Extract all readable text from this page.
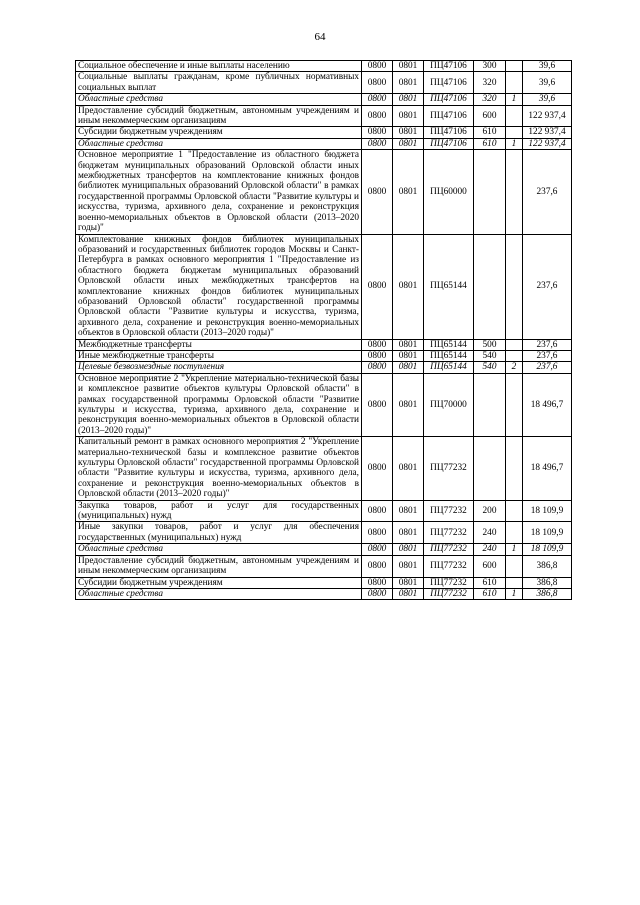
64
Социальное обеспечение и иные выплаты населению	0800	0801	ПЦ47106	300		39,6
Социальные выплаты гражданам, кроме публичных нормативных социальных выплат	0800	0801	ПЦ47106	320		39,6
Областные средства	0800	0801	ПЦ47106	320	1	39,6
Предоставление субсидий бюджетным, автономным учреждениям и иным некоммерческим организациям	0800	0801	ПЦ47106	600		122 937,4
Субсидии бюджетным учреждениям	0800	0801	ПЦ47106	610		122 937,4
Областные средства	0800	0801	ПЦ47106	610	1	122 937,4
Основное мероприятие 1 "Предоставление из областного бюджета бюджетам муниципальных образований Орловской области иных межбюджетных трансфертов на комплектование книжных фондов библиотек муниципальных образований Орловской области" в рамках государственной программы Орловской области "Развитие культуры и искусства, туризма, архивного дела, сохранение и реконструкция военно-мемориальных объектов в Орловской области (2013–2020 годы)"	0800	0801	ПЦ60000			237,6
Комплектование книжных фондов библиотек муниципальных образований и государственных библиотек городов Москвы и Санкт-Петербурга в рамках основного мероприятия 1 "Предоставление из областного бюджета бюджетам муниципальных образований Орловской области иных межбюджетных трансфертов на комплектование книжных фондов библиотек муниципальных образований Орловской области" государственной программы Орловской области "Развитие культуры и искусства, туризма, архивного дела, сохранение и реконструкция военно-мемориальных объектов в Орловской области (2013–2020 годы)"	0800	0801	ПЦ65144			237,6
Межбюджетные трансферты	0800	0801	ПЦ65144	500		237,6
Иные межбюджетные трансферты	0800	0801	ПЦ65144	540		237,6
Целевые безвозмездные поступления	0800	0801	ПЦ65144	540	2	237,6
Основное мероприятие 2 "Укрепление материально-технической базы и комплексное развитие объектов культуры Орловской области" в рамках государственной программы Орловской области "Развитие культуры и искусства, туризма, архивного дела, сохранение и реконструкция военно-мемориальных объектов в Орловской области (2013–2020 годы)"	0800	0801	ПЦ70000			18 496,7
Капитальный ремонт в рамках основного мероприятия 2 "Укрепление материально-технической базы и комплексное развитие объектов культуры Орловской области" государственной программы Орловской области "Развитие культуры и искусства, туризма, архивного дела, сохранение и реконструкция военно-мемориальных объектов в Орловской области (2013–2020 годы)"	0800	0801	ПЦ77232			18 496,7
Закупка товаров, работ и услуг для государственных (муниципальных) нужд	0800	0801	ПЦ77232	200		18 109,9
Иные закупки товаров, работ и услуг для обеспечения государственных (муниципальных) нужд	0800	0801	ПЦ77232	240		18 109,9
Областные средства	0800	0801	ПЦ77232	240	1	18 109,9
Предоставление субсидий бюджетным, автономным учреждениям и иным некоммерческим организациям	0800	0801	ПЦ77232	600		386,8
Субсидии бюджетным учреждениям	0800	0801	ПЦ77232	610		386,8
Областные средства	0800	0801	ПЦ77232	610	1	386,8
